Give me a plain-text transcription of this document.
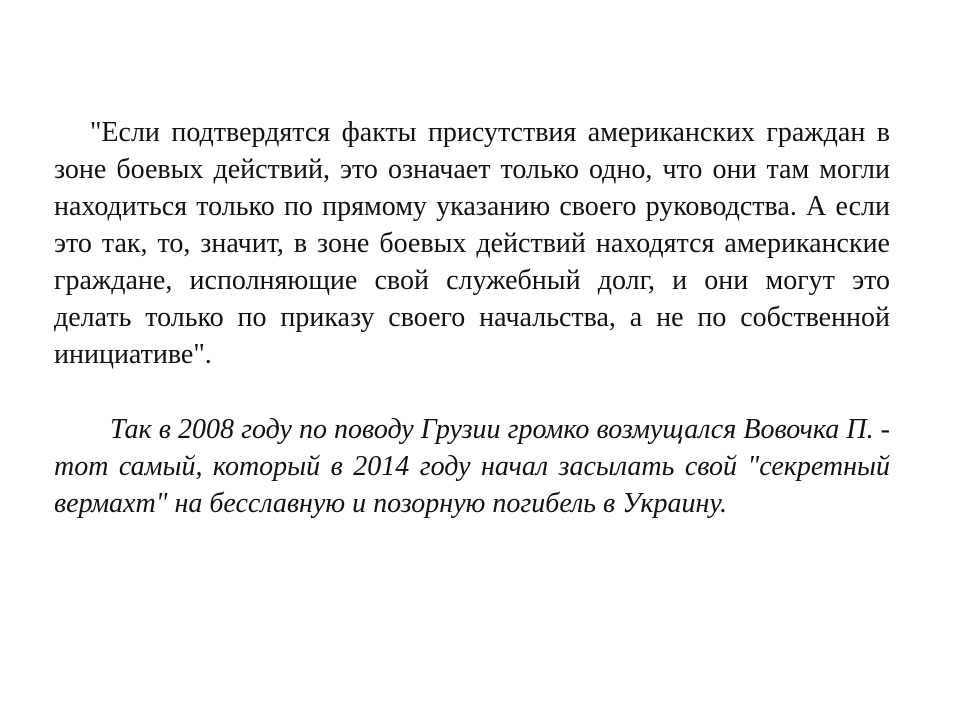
"Если подтвердятся факты присутствия американских граждан в зоне боевых действий, это означает только одно, что они там могли находиться только по прямому указанию своего руководства. А если это так, то, значит, в зоне боевых действий находятся американские граждане, исполняющие свой служебный долг, и они могут это делать только по приказу своего начальства, а не по собственной инициативе".

Так в 2008 году по поводу Грузии громко возмущался Вовочка П. - тот самый, который в 2014 году начал засылать свой "секретный вермахт" на бесславную и позорную погибель в Украину.
